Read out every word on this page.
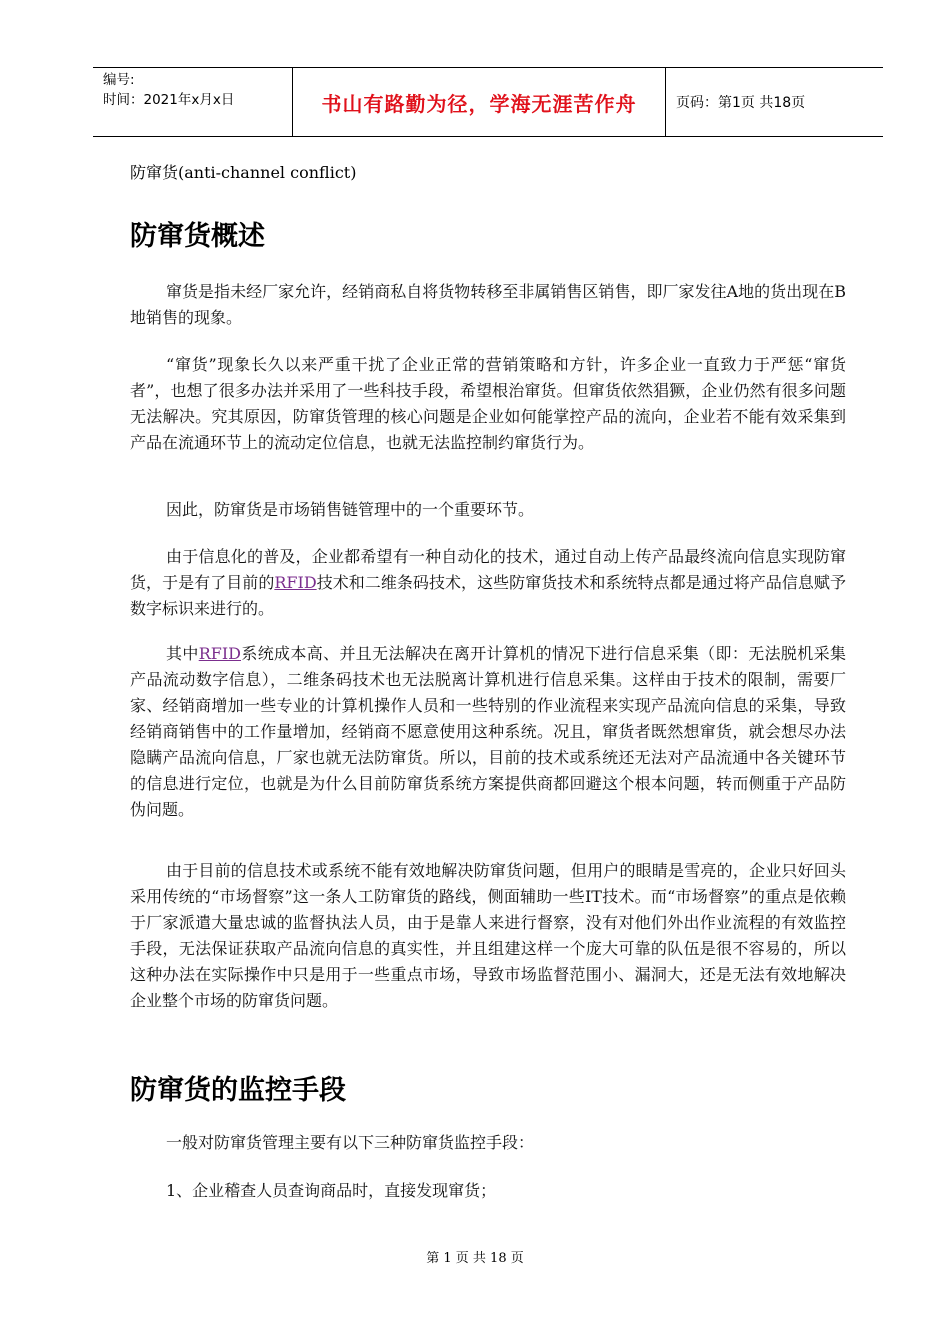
编号:
时间：2021年x月x日	书山有路勤为径，学海无涯苦作舟	页码：第1页 共18页
防窜货(anti-channel conflict)
防窜货概述

窜货是指未经厂家允许，经销商私自将货物转移至非属销售区销售，即厂家发往A地的货出现在B地销售的现象。

“窜货”现象长久以来严重干扰了企业正常的营销策略和方针，许多企业一直致力于严惩“窜货者”，也想了很多办法并采用了一些科技手段，希望根治窜货。但窜货依然猖獗，企业仍然有很多问题无法解决。究其原因，防窜货管理的核心问题是企业如何能掌控产品的流向，企业若不能有效采集到产品在流通环节上的流动定位信息，也就无法监控制约窜货行为。

因此，防窜货是市场销售链管理中的一个重要环节。

由于信息化的普及，企业都希望有一种自动化的技术，通过自动上传产品最终流向信息实现防窜货，于是有了目前的RFID技术和二维条码技术，这些防窜货技术和系统特点都是通过将产品信息赋予数字标识来进行的。

其中RFID系统成本高、并且无法解决在离开计算机的情况下进行信息采集（即：无法脱机采集产品流动数字信息），二维条码技术也无法脱离计算机进行信息采集。这样由于技术的限制，需要厂家、经销商增加一些专业的计算机操作人员和一些特别的作业流程来实现产品流向信息的采集，导致经销商销售中的工作量增加，经销商不愿意使用这种系统。况且，窜货者既然想窜货，就会想尽办法隐瞒产品流向信息，厂家也就无法防窜货。所以，目前的技术或系统还无法对产品流通中各关键环节的信息进行定位，也就是为什么目前防窜货系统方案提供商都回避这个根本问题，转而侧重于产品防伪问题。

由于目前的信息技术或系统不能有效地解决防窜货问题，但用户的眼睛是雪亮的，企业只好回头采用传统的“市场督察”这一条人工防窜货的路线，侧面辅助一些IT技术。而“市场督察”的重点是依赖于厂家派遣大量忠诚的监督执法人员，由于是靠人来进行督察，没有对他们外出作业流程的有效监控手段，无法保证获取产品流向信息的真实性，并且组建这样一个庞大可靠的队伍是很不容易的，所以这种办法在实际操作中只是用于一些重点市场，导致市场监督范围小、漏洞大，还是无法有效地解决企业整个市场的防窜货问题。

防窜货的监控手段

一般对防窜货管理主要有以下三种防窜货监控手段：

1、企业稽查人员查询商品时，直接发现窜货；

第 1 页 共 18 页
